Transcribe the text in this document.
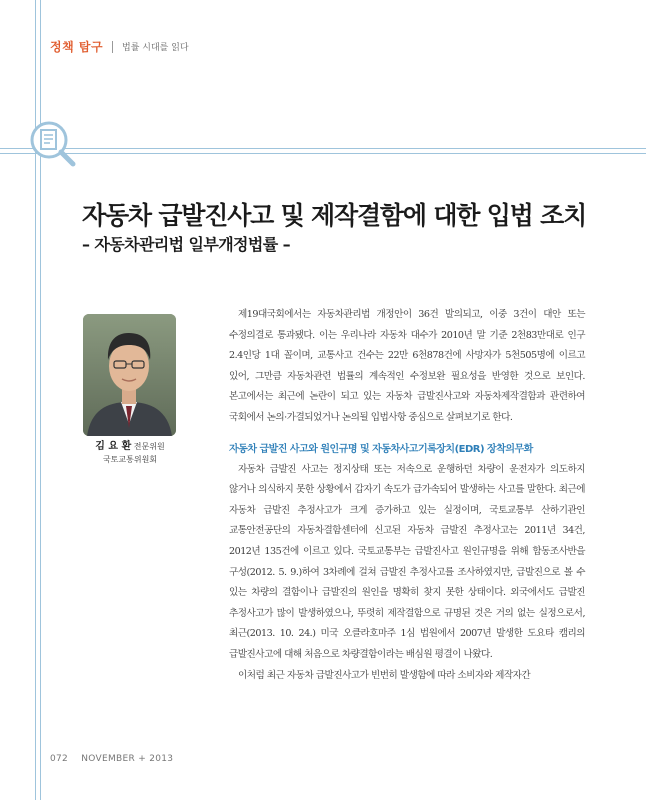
정책 탐구 법률 시대를 읽다
자동차 급발진사고 및 제작결함에 대한 입법 조치
– 자동차관리법 일부개정법률 –
김 요 환 전문위원
국토교통위원회

제19대국회에서는 자동차관리법 개정안이 36건 발의되고, 이중 3건이 대안 또는 수정의결로 통과됐다. 이는 우리나라 자동차 대수가 2010년 말 기준 2천83만대로 인구 2.4인당 1대 꼴이며, 교통사고 건수는 22만 6천878건에 사망자가 5천505명에 이르고 있어, 그만큼 자동차관련 법률의 계속적인 수정보완 필요성을 반영한 것으로 보인다. 본고에서는 최근에 논란이 되고 있는 자동차 급발진사고와 자동차제작결함과 관련하여 국회에서 논의·가결되었거나 논의될 입법사항 중심으로 살펴보기로 한다.

자동차 급발진 사고와 원인규명 및 자동차사고기록장치(EDR) 장착의무화

자동차 급발진 사고는 정지상태 또는 저속으로 운행하던 차량이 운전자가 의도하지 않거나 의식하지 못한 상황에서 갑자기 속도가 급가속되어 발생하는 사고를 말한다. 최근에 자동차 급발진 추정사고가 크게 증가하고 있는 실정이며, 국토교통부 산하기관인 교통안전공단의 자동차결함센터에 신고된 자동차 급발진 추정사고는 2011년 34건, 2012년 135건에 이르고 있다. 국토교통부는 급발진사고 원인규명을 위해 합동조사반을 구성(2012. 5. 9.)하여 3차례에 걸쳐 급발진 추정사고를 조사하였지만, 급발진으로 볼 수 있는 차량의 결함이나 급발진의 원인을 명확히 찾지 못한 상태이다. 외국에서도 급발진 추정사고가 많이 발생하였으나, 뚜렷히 제작결함으로 규명된 것은 거의 없는 실정으로서, 최근(2013. 10. 24.) 미국 오클라호마주 1심 법원에서 2007년 발생한 도요타 캠리의 급발진사고에 대해 처음으로 차량결함이라는 배심원 평결이 나왔다.

이처럼 최근 자동차 급발진사고가 빈번히 발생함에 따라 소비자와 제작자간

072 NOVEMBER + 2013
